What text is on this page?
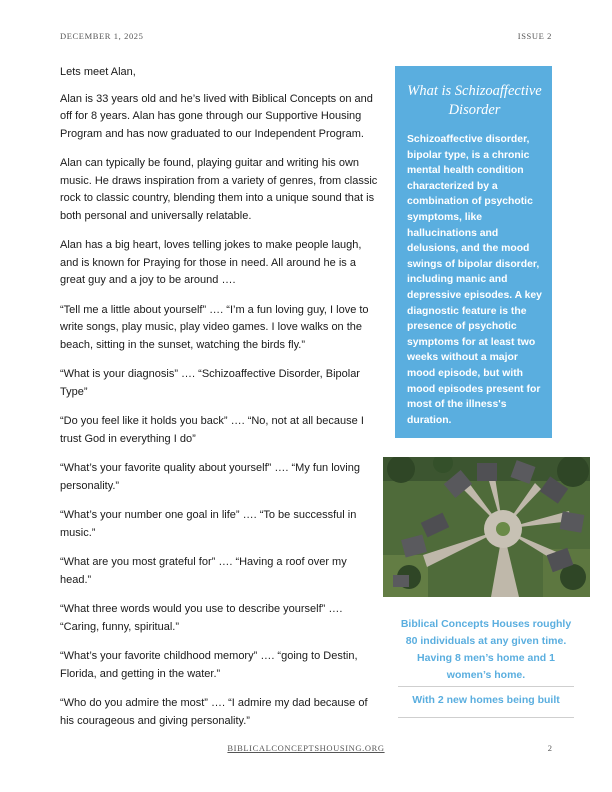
DECEMBER 1, 2025	ISSUE 2

Lets meet Alan,

Alan is 33 years old and he’s lived with Biblical Concepts on and off for 8 years. Alan has gone through our Supportive Housing Program and has now graduated to our Independent Program.

Alan can typically be found, playing guitar and writing his own music. He draws inspiration from a variety of genres, from classic rock to classic country, blending them into a unique sound that is both personal and universally relatable.

Alan has a big heart, loves telling jokes to make people laugh, and is known for Praying for those in need. All around he is a great guy and a joy to be around ….

“Tell me a little about yourself” …. “I’m a fun loving guy, I love to write songs, play music, play video games. I love walks on the beach, sitting in the sunset, watching the birds fly.”

“What is your diagnosis” …. “Schizoaffective Disorder, Bipolar Type”

“Do you feel like it holds you back” …. “No, not at all because I trust God in everything I do”

“What’s your favorite quality about yourself” …. “My fun loving personality.”

“What’s your number one goal in life” …. “To be successful in music.”

“What are you most grateful for” …. “Having a roof over my head.”

“What three words would you use to describe yourself” …. “Caring, funny, spiritual.”

“What’s your favorite childhood memory” …. “going to Destin, Florida, and getting in the water.”

“Who do you admire the most” …. “I admire my dad because of his courageous and giving personality.”

What is Schizoaffective Disorder
Schizoaffective disorder, bipolar type, is a chronic mental health condition characterized by a combination of psychotic symptoms, like hallucinations and delusions, and the mood swings of bipolar disorder, including manic and depressive episodes. A key diagnostic feature is the presence of psychotic symptoms for at least two weeks without a major mood episode, but with mood episodes present for most of the illness's duration.
Biblical Concepts Houses roughly 80 individuals at any given time. Having 8 men’s home and 1 women’s home.
With 2 new homes being built
BIBLICALCONCEPTSHOUSING.ORG	2
